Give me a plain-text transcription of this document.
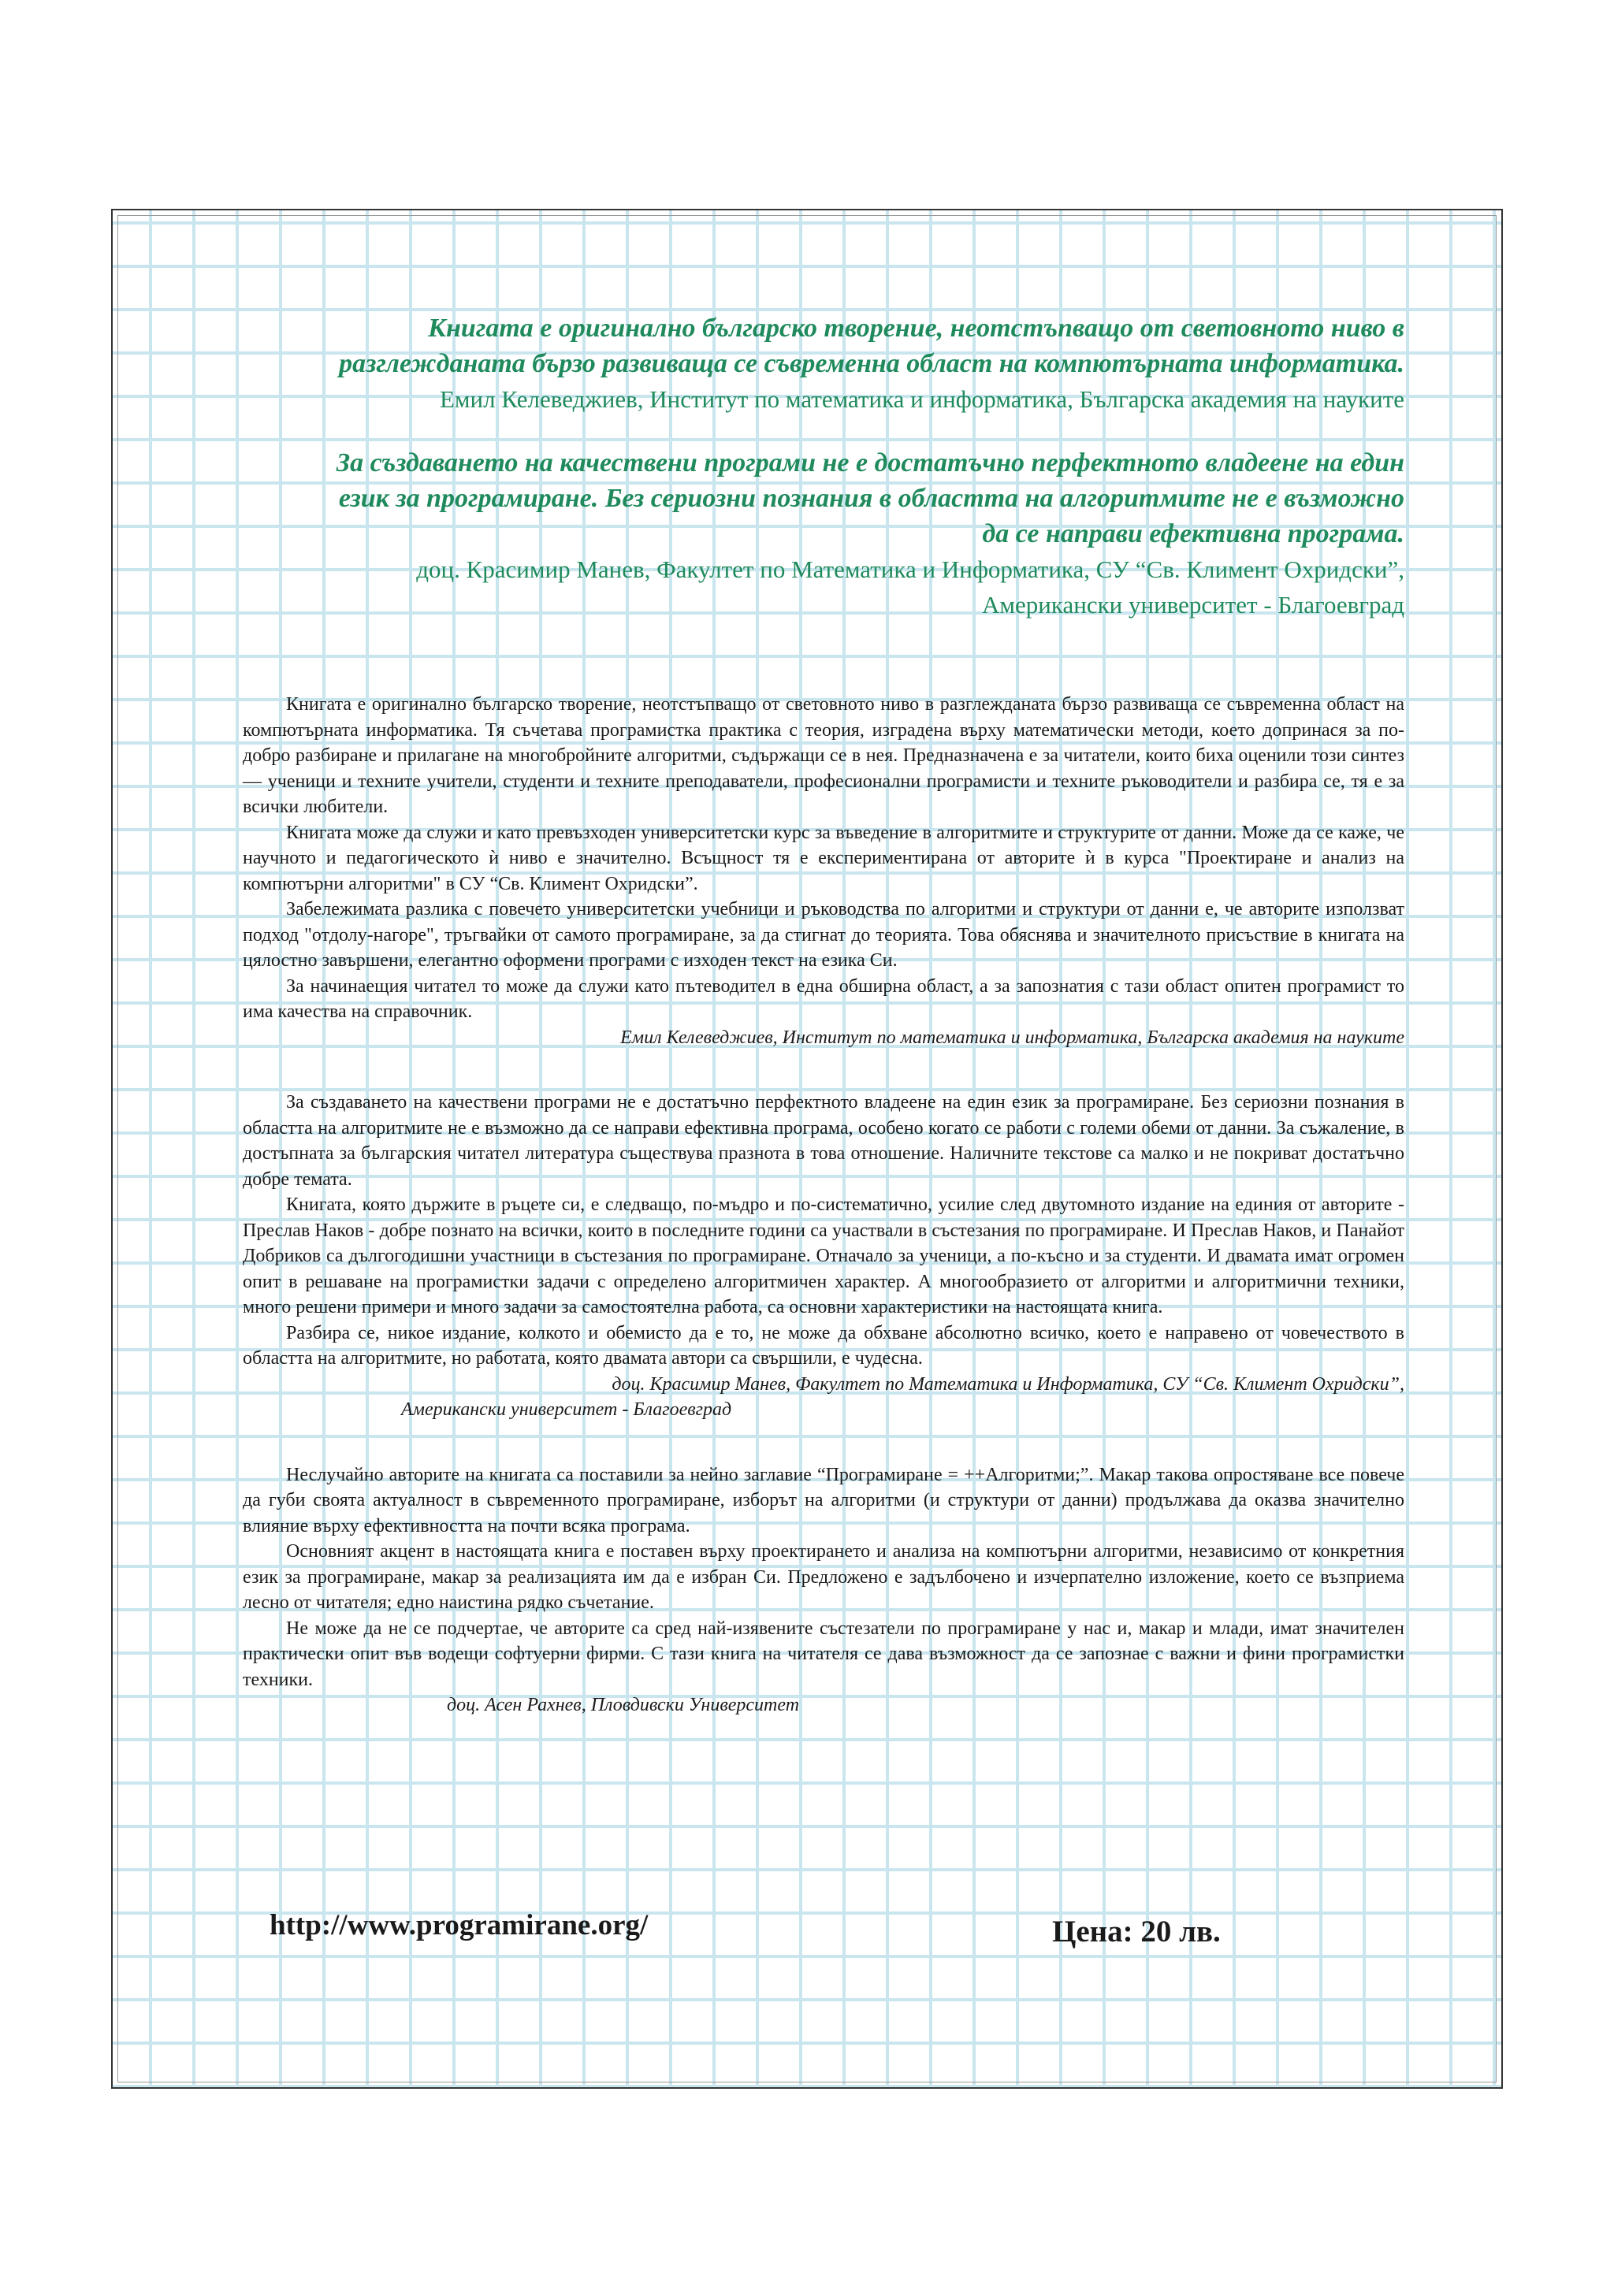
Книгата е оригинално българско творение, неотстъпващо от световното ниво в

разглежданата бързо развиваща се съвременна област на компютърната информатика.

Емил Келеведжиев, Институт по математика и информатика, Българска академия на науките

За създаването на качествени програми не е достатъчно перфектното владеене на един

език за програмиране. Без сериозни познания в областта на алгоритмите не е възможно

да се направи ефективна програма.

доц. Красимир Манев, Факултет по Математика и Информатика, СУ “Св. Климент Охридски”,

Американски университет - Благоевград

Книгата е оригинално българско творение, неотстъпващо от световното ниво в разглежданата бързо развиваща се съвременна област на компютърната информатика. Тя съчетава програмистка практика с теория, изградена върху математически методи, което допринася за по-добро разбиране и прилагане на многобройните алгоритми, съдържащи се в нея. Предназначена е за читатели, които биха оценили този синтез — ученици и техните учители, студенти и техните преподаватели, професионални програмисти и техните ръководители и разбира се, тя е за всички любители.

Книгата може да служи и като превъзходен университетски курс за въведение в алгоритмите и структурите от данни. Може да се каже, че научното и педагогическото ѝ ниво е значително. Всъщност тя е експериментирана от авторите ѝ в курса "Проектиране и анализ на компютърни алгоритми" в СУ “Св. Климент Охридски”.

Забележимата разлика с повечето университетски учебници и ръководства по алгоритми и структури от данни е, че авторите използват подход "отдолу-нагоре", тръгвайки от самото програмиране, за да стигнат до теорията. Това обяснява и значителното присъствие в книгата на цялостно завършени, елегантно оформени програми с изходен текст на езика Си.

За начинаещия читател то може да служи като пътеводител в една обширна област, а за запознатия с тази област опитен програмист то има качества на справочник.

Емил Келеведжиев, Институт по математика и информатика, Българска академия на науките

За създаването на качествени програми не е достатъчно перфектното владеене на един език за програмиране. Без сериозни познания в областта на алгоритмите не е възможно да се направи ефективна програма, особено когато се работи с големи обеми от данни. За съжаление, в достъпната за българския читател литература съществува празнота в това отношение. Наличните текстове са малко и не покриват достатъчно добре темата.

Книгата, която държите в ръцете си, е следващо, по-мъдро и по-систематично, усилие след двутомното издание на единия от авторите - Преслав Наков - добре познато на всички, които в последните години са участвали в състезания по програмиране. И Преслав Наков, и Панайот Добриков са дългогодишни участници в състезания по програмиране. Отначало за ученици, а по-късно и за студенти. И двамата имат огромен опит в решаване на програмистки задачи с определено алгоритмичен характер. А многообразието от алгоритми и алгоритмични техники, много решени примери и много задачи за самостоятелна работа, са основни характеристики на настоящата книга.

Разбира се, никое издание, колкото и обемисто да е то, не може да обхване абсолютно всичко, което е направено от човечеството в областта на алгоритмите, но работата, която двамата автори са свършили, е чудесна.

доц. Красимир Манев, Факултет по Математика и Информатика, СУ “Св. Климент Охридски”,

Американски университет - Благоевград

Неслучайно авторите на книгата са поставили за нейно заглавие “Програмиране = ++Алгоритми;”. Макар такова опростяване все повече да губи своята актуалност в съвременното програмиране, изборът на алгоритми (и структури от данни) продължава да оказва значително влияние върху ефективността на почти всяка програма.

Основният акцент в настоящата книга е поставен върху проектирането и анализа на компютърни алгоритми, независимо от конкретния език за програмиране, макар за реализацията им да е избран Си. Предложено е задълбочено и изчерпателно изложение, което се възприема лесно от читателя; едно наистина рядко съчетание.

Не може да не се подчертае, че авторите са сред най-изявените състезатели по програмиране у нас и, макар и млади, имат значителен практически опит във водещи софтуерни фирми. С тази книга на читателя се дава възможност да се запознае с важни и фини програмистки техники.

доц. Асен Рахнев, Пловдивски Университет

http://www.programirane.org/	Цена: 20 лв.
